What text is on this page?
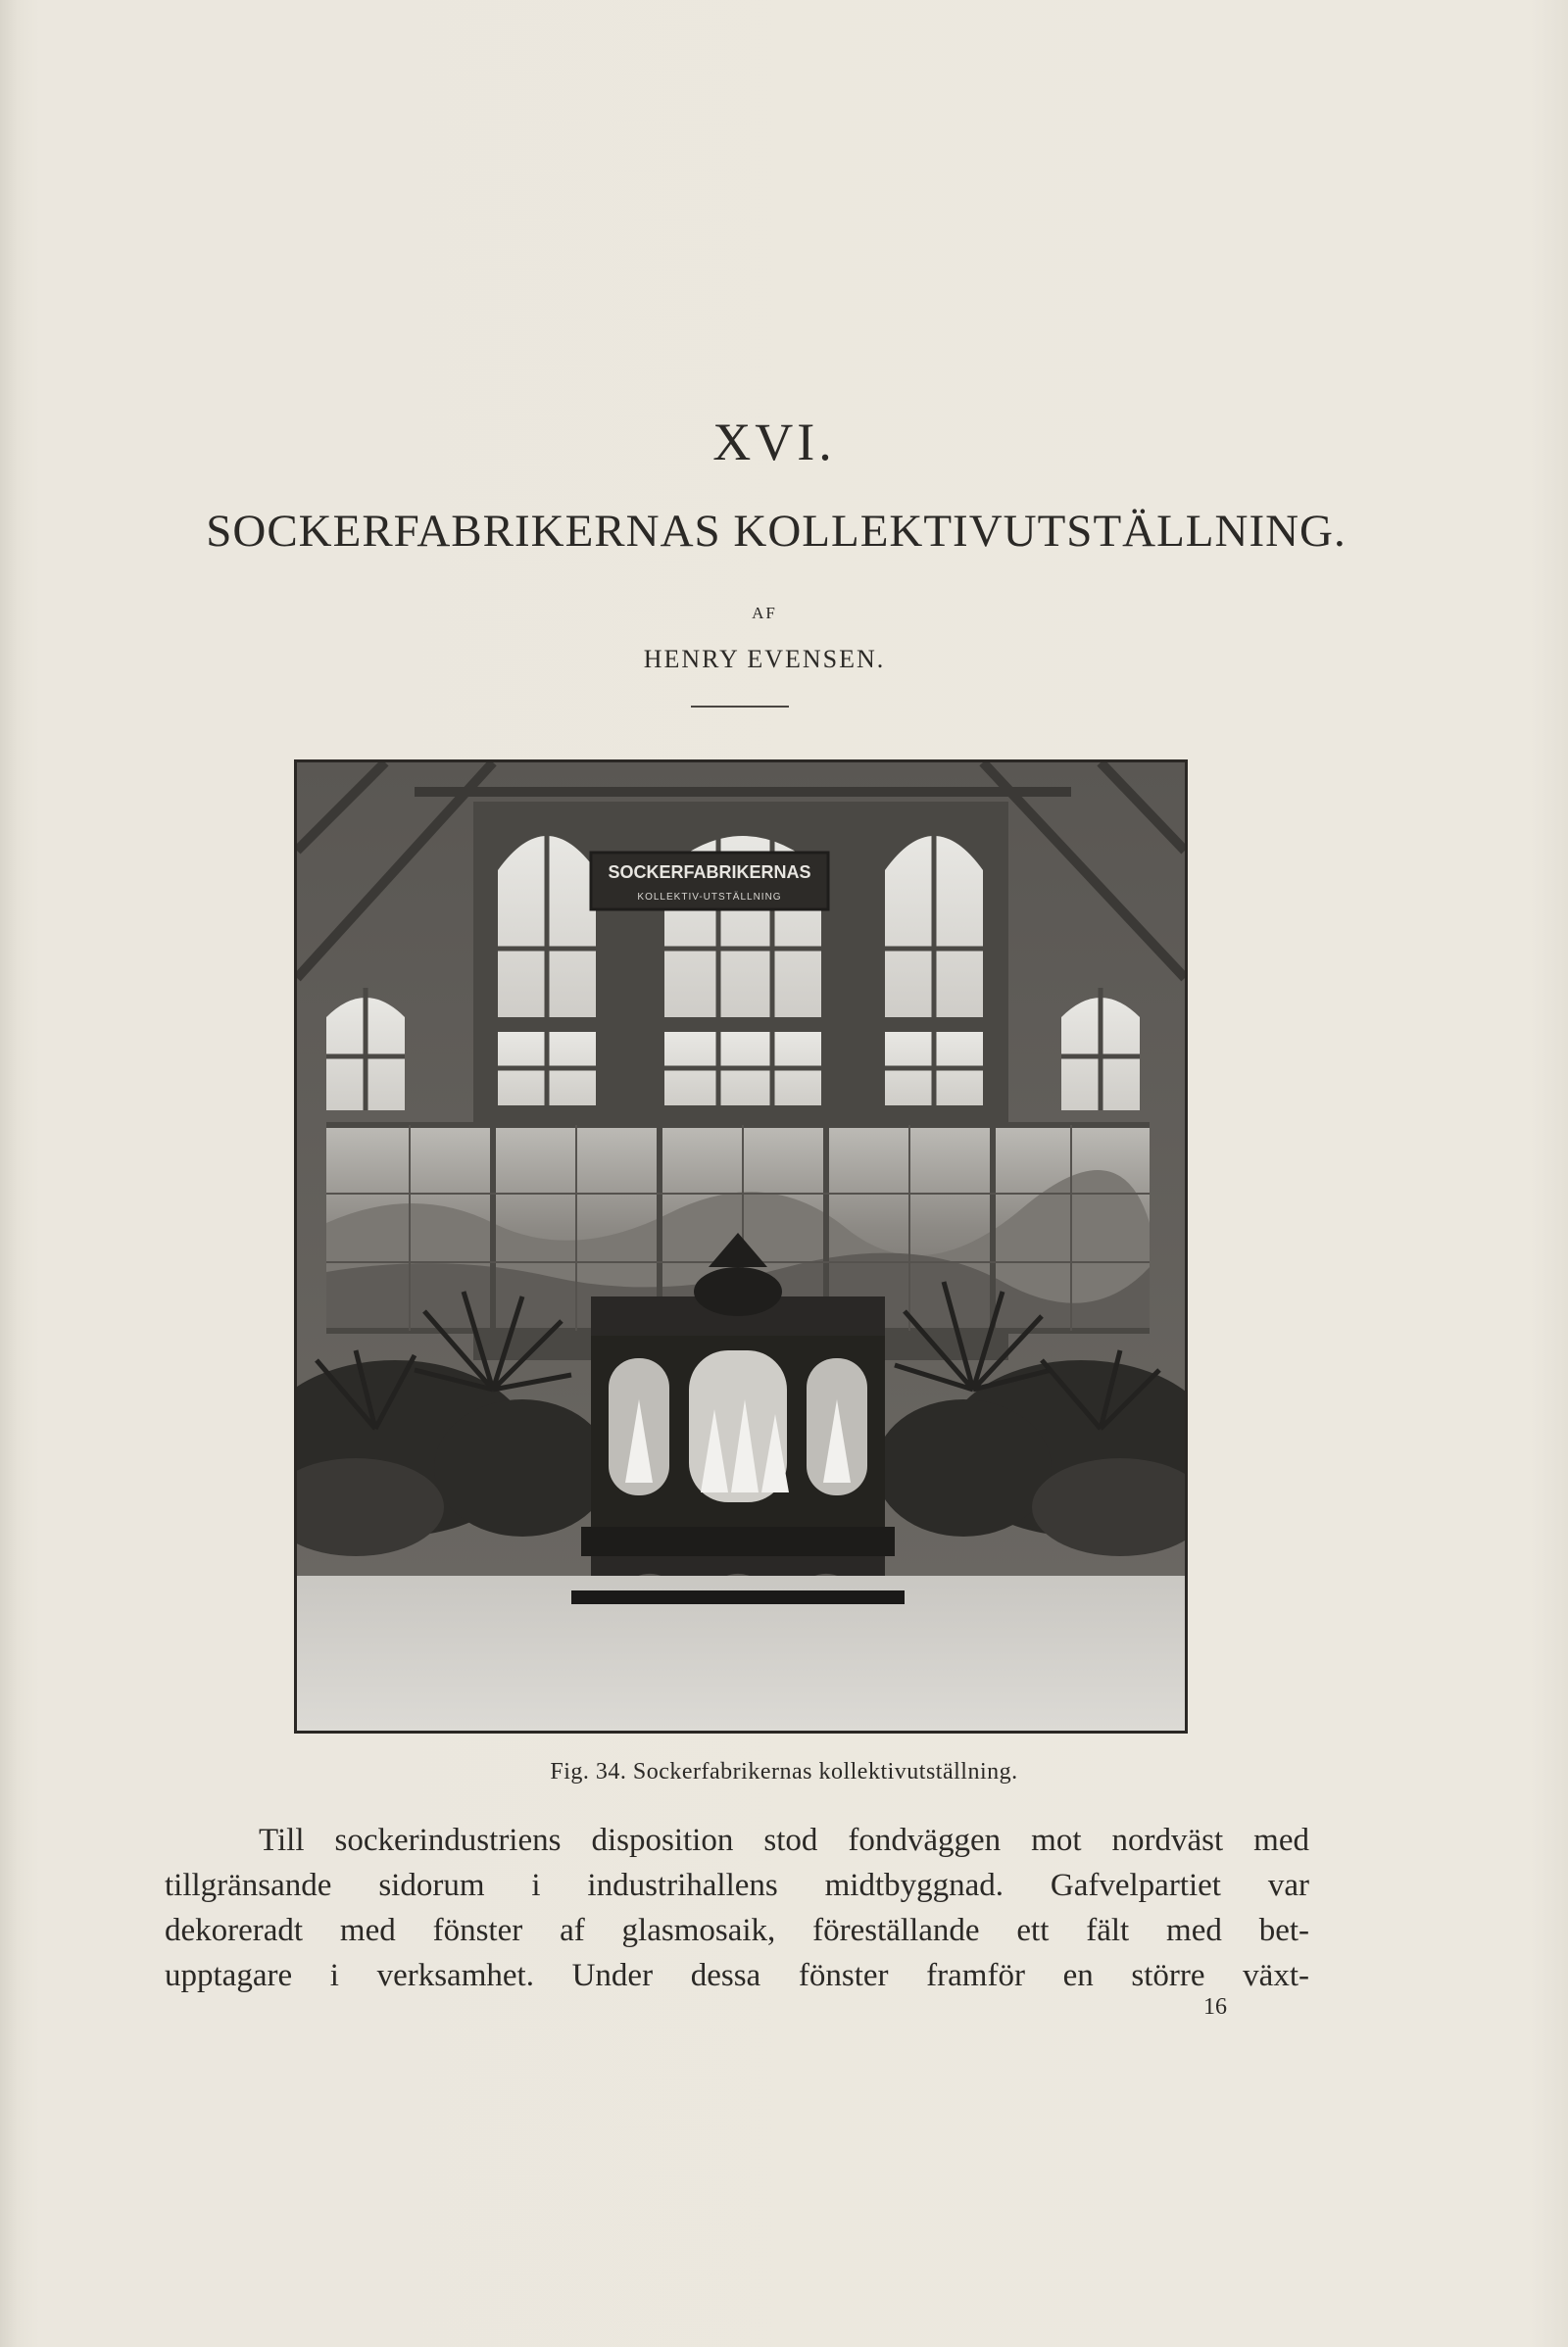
XVI.
SOCKERFABRIKERNAS KOLLEKTIVUTSTÄLLNING.
AF
HENRY EVENSEN.
SOCKERFABRIKERNAS
KOLLEKTIV-UTSTÄLLNING
Fig. 34. Sockerfabrikernas kollektivutställning.
Till sockerindustriens disposition stod fondväggen mot nordväst med
tillgränsande sidorum i industrihallens midtbyggnad. Gafvelpartiet var
dekoreradt med fönster af glasmosaik, föreställande ett fält med bet-
upptagare i verksamhet. Under dessa fönster framför en större växt-
16
